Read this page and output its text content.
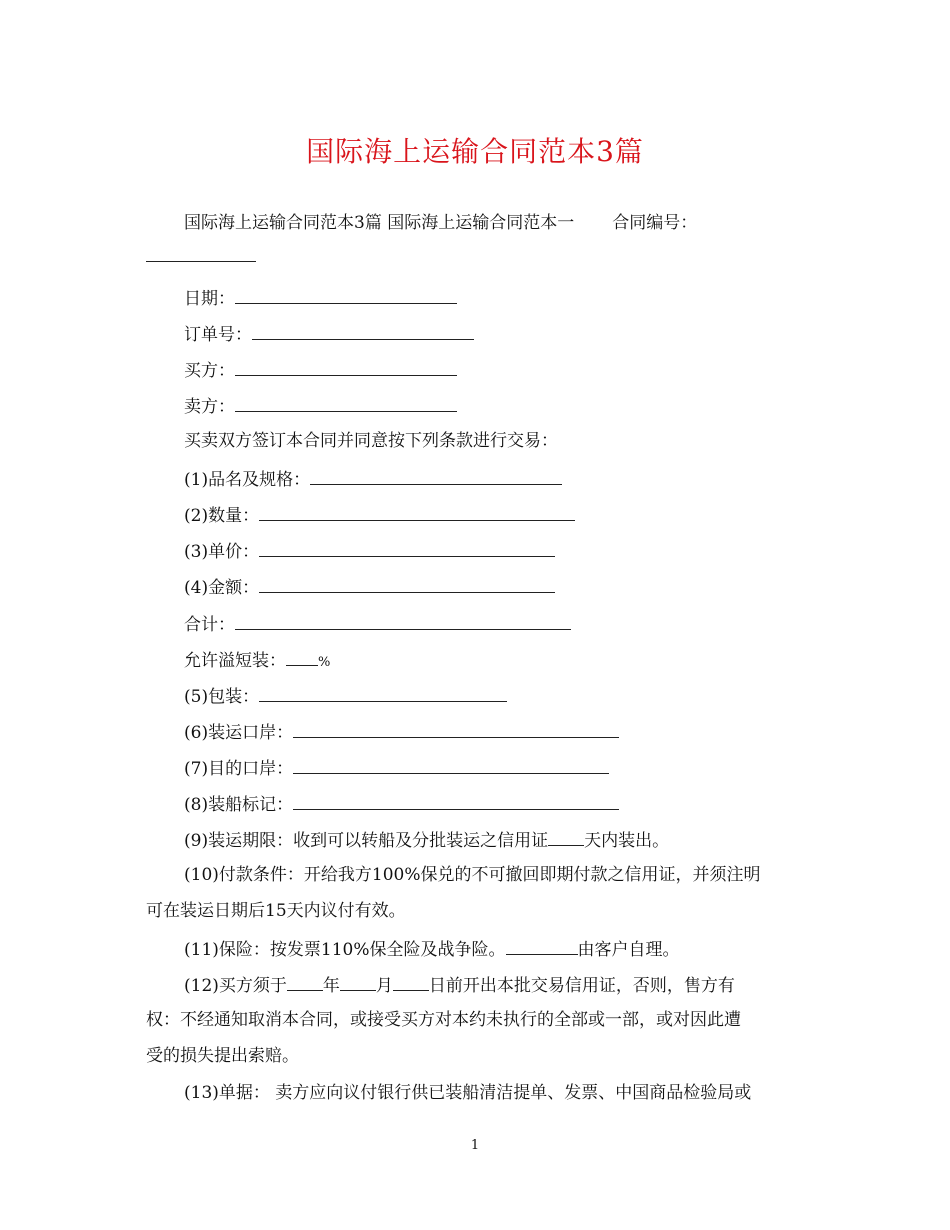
国际海上运输合同范本3篇
国际海上运输合同范本3篇 国际海上运输合同范本一 合同编号：
日期：
订单号：
买方：
卖方：
买卖双方签订本合同并同意按下列条款进行交易：
(1)品名及规格：
(2)数量：
(3)单价：
(4)金额：
合计：
允许溢短装： %
(5)包装：
(6)装运口岸：
(7)目的口岸：
(8)装船标记：
(9)装运期限：收到可以转船及分批装运之信用证 天内装出。
(10)付款条件：开给我方100%保兑的不可撤回即期付款之信用证，并须注明
可在装运日期后15天内议付有效。
(11)保险：按发票110%保全险及战争险。	由客户自理。
(12)买方须于 年 月 日前开出本批交易信用证，否则，售方有
权：不经通知取消本合同，或接受买方对本约未执行的全部或一部，或对因此遭
受的损失提出索赔。
(13)单据： 卖方应向议付银行供已装船清洁提单、发票、中国商品检验局或
1
